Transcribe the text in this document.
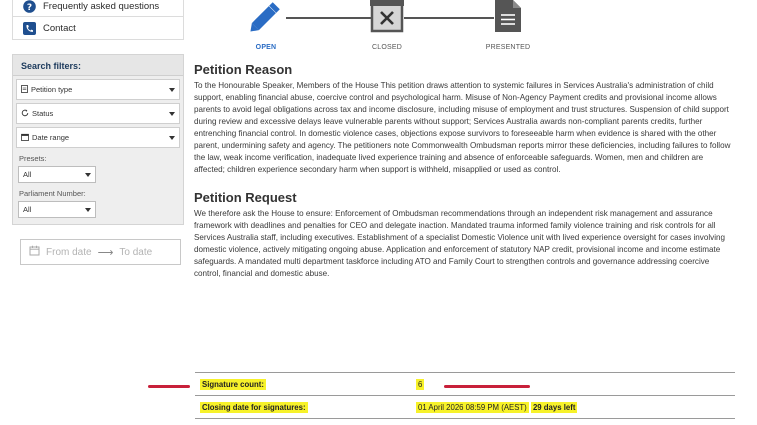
? Frequently asked questions
Contact
Search filters:
Petition type
Status
Date range
Presets:
All
Parliament Number:
All
From date ⟶ To date
OPEN	CLOSED	PRESENTED
Petition Reason

To the Honourable Speaker, Members of the House This petition draws attention to systemic failures in Services Australia's administration of child support, enabling financial abuse, coercive control and psychological harm. Misuse of Non-Agency Payment credits and provisional income allows parents to avoid legal obligations across tax and income disclosure, including misuse of employment and trust structures. Suspension of child support during review and excessive delays leave vulnerable parents without support; Services Australia awards non-compliant parents credits, further entrenching financial control. In domestic violence cases, objections expose survivors to foreseeable harm when evidence is shared with the other parent, undermining safety and agency. The petitioners note Commonwealth Ombudsman reports mirror these deficiencies, including failures to follow the law, weak income verification, inadequate lived experience training and absence of enforceable safeguards. Women, men and children are affected; children experience secondary harm when support is withheld, misapplied or used as control.

Petition Request

We therefore ask the House to ensure: Enforcement of Ombudsman recommendations through an independent risk management and assurance framework with deadlines and penalties for CEO and delegate inaction. Mandated trauma informed family violence training and risk controls for all Services Australia staff, including executives. Establishment of a specialist Domestic Violence unit with lived experience oversight for cases involving domestic violence, actively mitigating ongoing abuse. Application and enforcement of statutory NAP credit, provisional income and income estimate safeguards. A mandated multi department taskforce including ATO and Family Court to strengthen controls and governance addressing coercive control, financial and domestic abuse.

Signature count:	6
Closing date for signatures:	01 April 2026 08:59 PM (AEST) 29 days left
